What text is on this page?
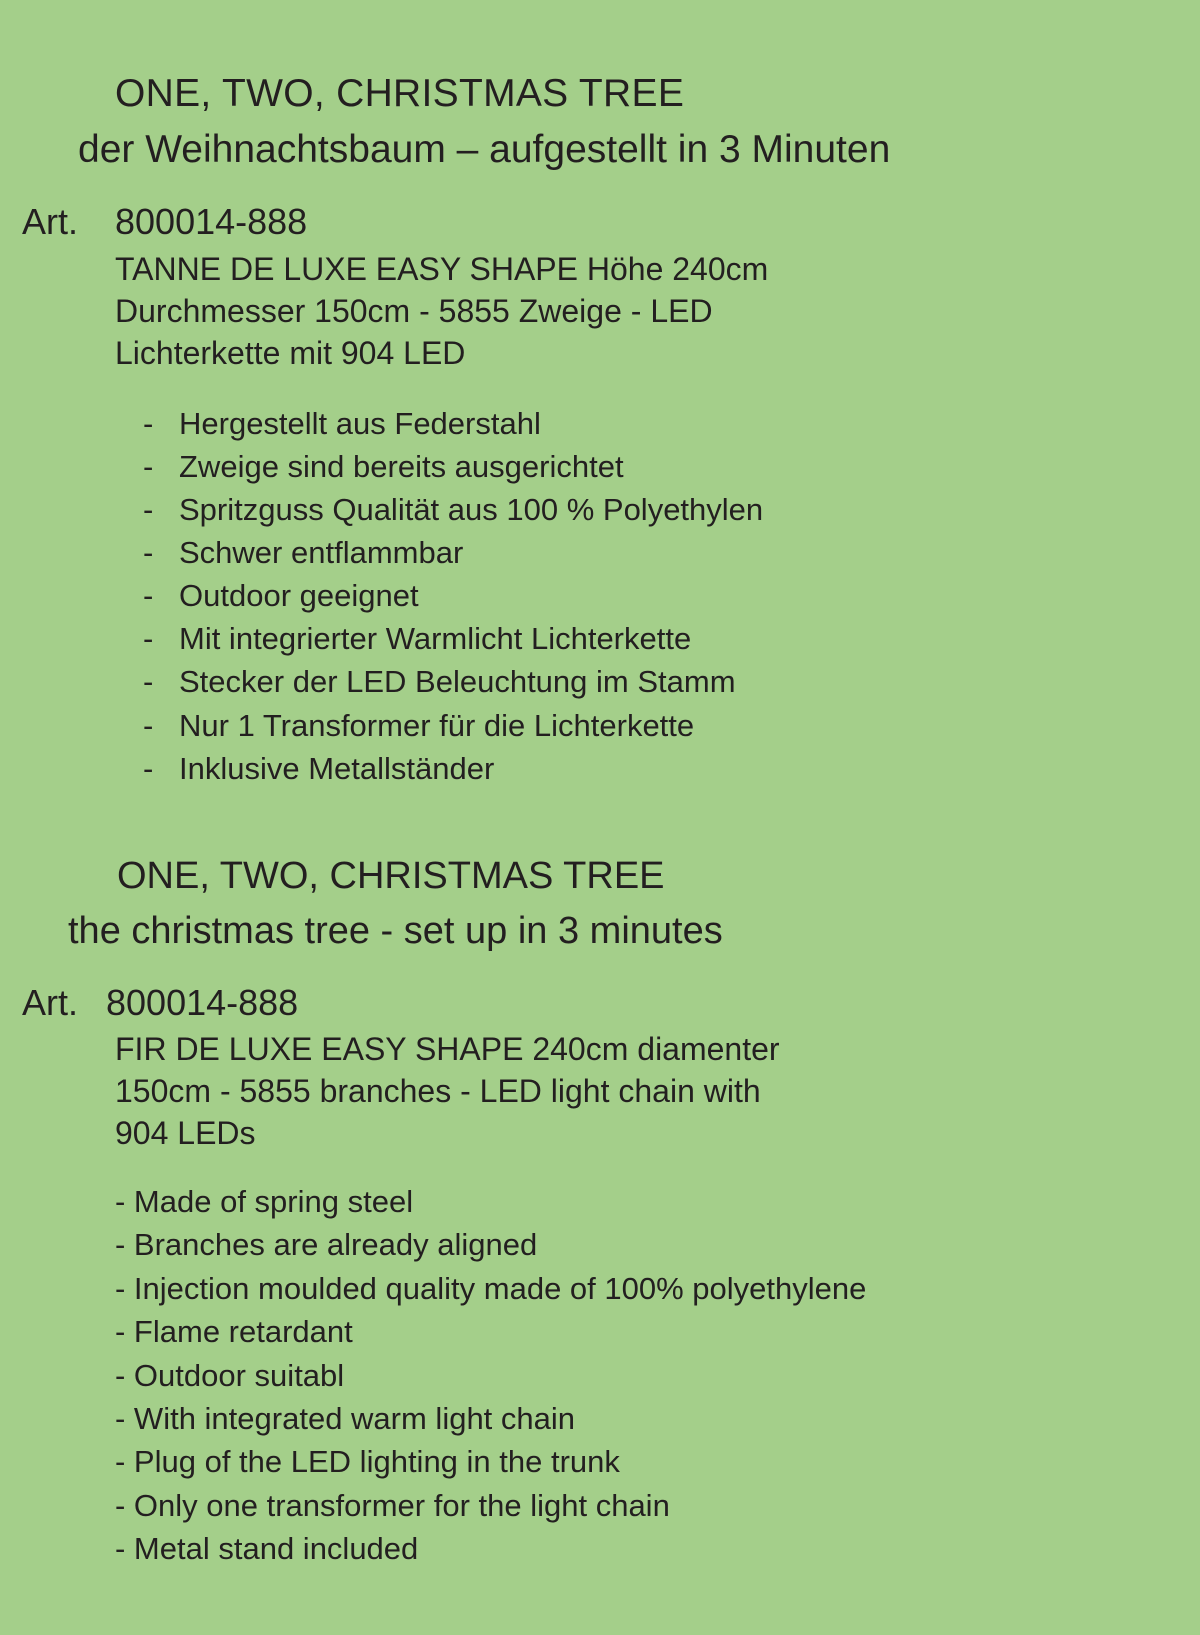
ONE, TWO, CHRISTMAS TREE
der Weihnachtsbaum – aufgestellt in 3 Minuten
Art. 800014-888
TANNE DE LUXE EASY SHAPE Höhe 240cm
Durchmesser 150cm - 5855 Zweige - LED
Lichterkette mit 904 LED
- Hergestellt aus Federstahl
- Zweige sind bereits ausgerichtet
- Spritzguss Qualität aus 100 % Polyethylen
- Schwer entflammbar
- Outdoor geeignet
- Mit integrierter Warmlicht Lichterkette
- Stecker der LED Beleuchtung im Stamm
- Nur 1 Transformer für die Lichterkette
- Inklusive Metallständer
ONE, TWO, CHRISTMAS TREE
the christmas tree - set up in 3 minutes
Art. 800014-888
FIR DE LUXE EASY SHAPE 240cm diamenter
150cm - 5855 branches - LED light chain with
904 LEDs
- Made of spring steel
- Branches are already aligned
- Injection moulded quality made of 100% polyethylene
- Flame retardant
- Outdoor suitabl
- With integrated warm light chain
- Plug of the LED lighting in the trunk
- Only one transformer for the light chain
- Metal stand included
